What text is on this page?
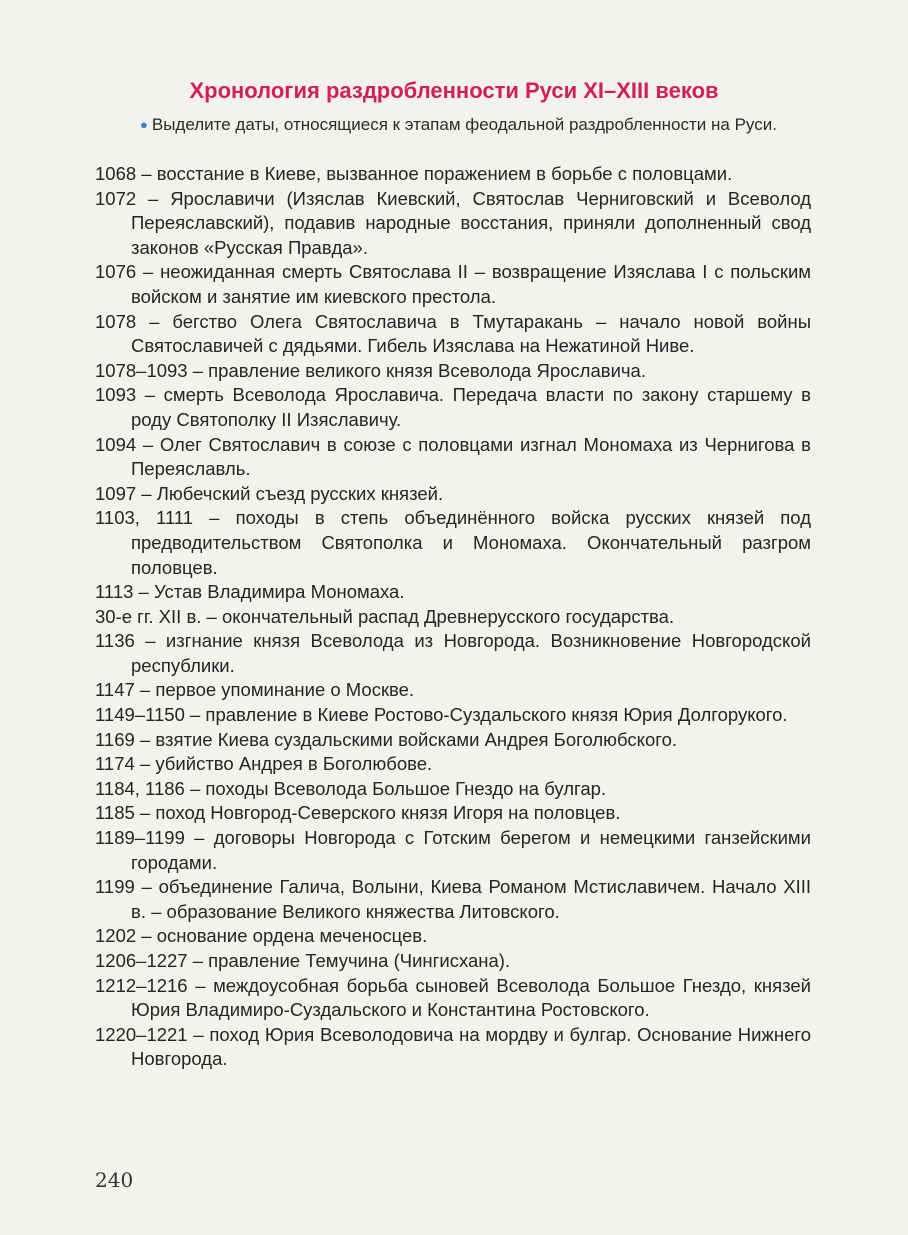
Хронология раздробленности Руси XI–XIII веков
● Выделите даты, относящиеся к этапам феодальной раздробленности на Руси.
1068 – восстание в Киеве, вызванное поражением в борьбе с половцами.
1072 – Ярославичи (Изяслав Киевский, Святослав Черниговский и Всеволод Переяславский), подавив народные восстания, приняли дополненный свод законов «Русская Правда».
1076 – неожиданная смерть Святослава II – возвращение Изяслава I с польским войском и занятие им киевского престола.
1078 – бегство Олега Святославича в Тмутаракань – начало новой войны Святославичей с дядьями. Гибель Изяслава на Нежатиной Ниве.
1078–1093 – правление великого князя Всеволода Ярославича.
1093 – смерть Всеволода Ярославича. Передача власти по закону старшему в роду Святополку II Изяславичу.
1094 – Олег Святославич в союзе с половцами изгнал Мономаха из Чернигова в Переяславль.
1097 – Любечский съезд русских князей.
1103, 1111 – походы в степь объединённого войска русских князей под предводительством Святополка и Мономаха. Окончательный разгром половцев.
1113 – Устав Владимира Мономаха.
30-е гг. XII в. – окончательный распад Древнерусского государства.
1136 – изгнание князя Всеволода из Новгорода. Возникновение Новгородской республики.
1147 – первое упоминание о Москве.
1149–1150 – правление в Киеве Ростово-Суздальского князя Юрия Долгорукого.
1169 – взятие Киева суздальскими войсками Андрея Боголюбского.
1174 – убийство Андрея в Боголюбове.
1184, 1186 – походы Всеволода Большое Гнездо на булгар.
1185 – поход Новгород-Северского князя Игоря на половцев.
1189–1199 – договоры Новгорода с Готским берегом и немецкими ганзейскими городами.
1199 – объединение Галича, Волыни, Киева Романом Мстиславичем. Начало XIII в. – образование Великого княжества Литовского.
1202 – основание ордена меченосцев.
1206–1227 – правление Темучина (Чингисхана).
1212–1216 – междоусобная борьба сыновей Всеволода Большое Гнездо, князей Юрия Владимиро-Суздальского и Константина Ростовского.
1220–1221 – поход Юрия Всеволодовича на мордву и булгар. Основание Нижнего Новгорода.
240
